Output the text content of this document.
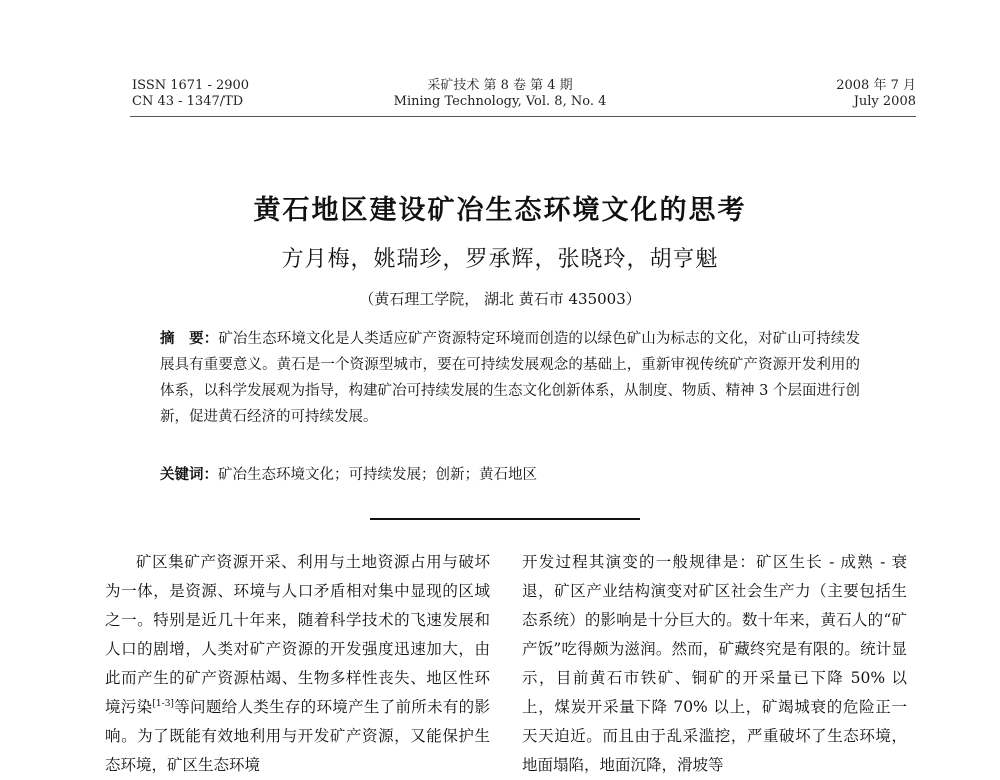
ISSN 1671 - 2900
CN 43 - 1347/TD
采矿技术 第 8 卷 第 4 期
Mining Technology, Vol. 8, No. 4
2008 年 7 月
July 2008
黄石地区建设矿冶生态环境文化的思考
方月梅，姚瑞珍，罗承辉，张晓玲，胡亨魁
（黄石理工学院， 湖北 黄石市 435003）

摘　要：矿冶生态环境文化是人类适应矿产资源特定环境而创造的以绿色矿山为标志的文化，对矿山可持续发展具有重要意义。黄石是一个资源型城市，要在可持续发展观念的基础上，重新审视传统矿产资源开发利用的体系，以科学发展观为指导，构建矿冶可持续发展的生态文化创新体系，从制度、物质、精神 3 个层面进行创新，促进黄石经济的可持续发展。

关键词：矿冶生态环境文化；可持续发展；创新；黄石地区

矿区集矿产资源开采、利用与土地资源占用与破坏为一体，是资源、环境与人口矛盾相对集中显现的区域之一。特别是近几十年来，随着科学技术的飞速发展和人口的剧增，人类对矿产资源的开发强度迅速加大，由此而产生的矿产资源枯竭、生物多样性丧失、地区性环境污染[1-3]等问题给人类生存的环境产生了前所未有的影响。为了既能有效地利用与开发矿产资源，又能保护生态环境，矿区生态环境

开发过程其演变的一般规律是：矿区生长 - 成熟 - 衰退，矿区产业结构演变对矿区社会生产力（主要包括生态系统）的影响是十分巨大的。数十年来，黄石人的“矿产饭”吃得颇为滋润。然而，矿藏终究是有限的。统计显示，目前黄石市铁矿、铜矿的开采量已下降 50% 以上，煤炭开采量下降 70% 以上，矿竭城衰的危险正一天天迫近。而且由于乱采滥挖，严重破坏了生态环境，地面塌陷，地面沉降，滑坡等
